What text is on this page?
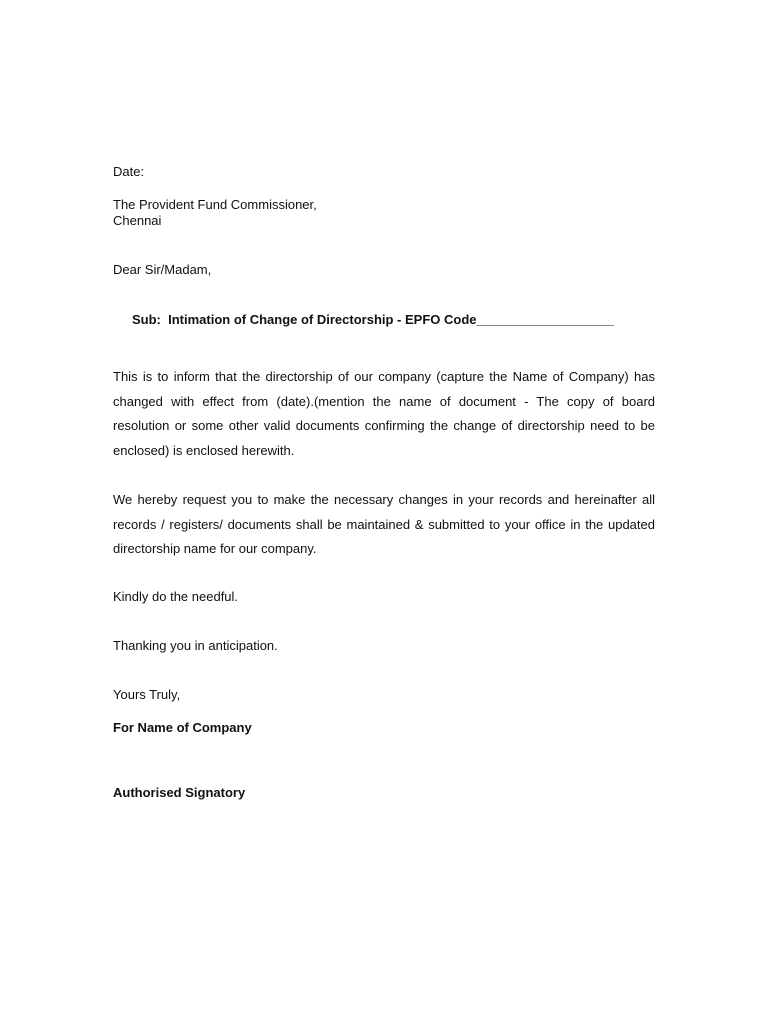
Date:
The Provident Fund Commissioner,
Chennai
Dear Sir/Madam,
Sub:  Intimation of Change of Directorship - EPFO Code___________________
This is to inform that the directorship of our company (capture the Name of Company) has changed with effect from (date).(mention the name of document - The copy of board resolution or some other valid documents confirming the change of directorship need to be enclosed) is enclosed herewith.
We hereby request you to make the necessary changes in your records and hereinafter all records / registers/ documents shall be maintained & submitted to your office in the updated directorship name for our company.
Kindly do the needful.
Thanking you in anticipation.
Yours Truly,
For Name of Company
Authorised Signatory
